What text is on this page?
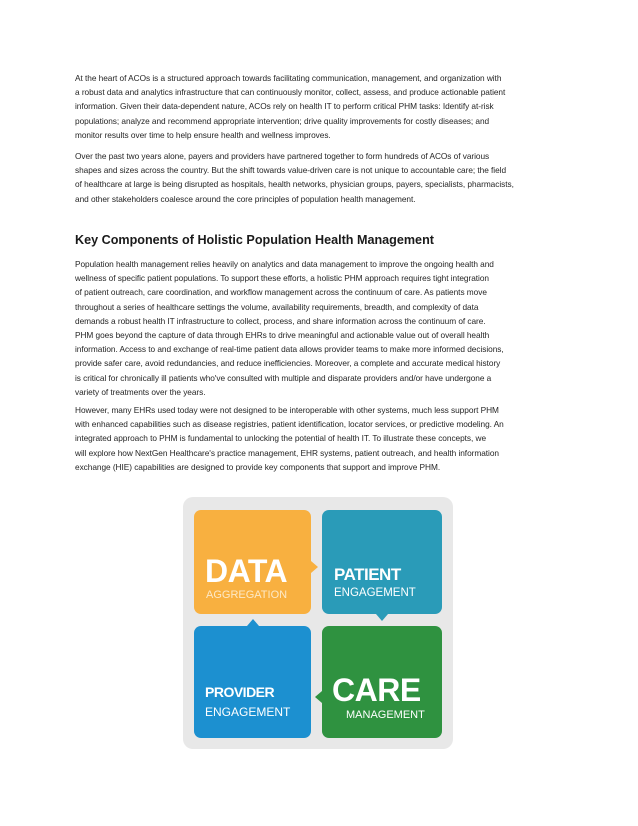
At the heart of ACOs is a structured approach towards facilitating communication, management, and organization with
a robust data and analytics infrastructure that can continuously monitor, collect, assess, and produce actionable patient
information. Given their data-dependent nature, ACOs rely on health IT to perform critical PHM tasks: Identify at-risk
populations; analyze and recommend appropriate intervention; drive quality improvements for costly diseases; and
monitor results over time to help ensure health and wellness improves.

Over the past two years alone, payers and providers have partnered together to form hundreds of ACOs of various
shapes and sizes across the country. But the shift towards value-driven care is not unique to accountable care; the field
of healthcare at large is being disrupted as hospitals, health networks, physician groups, payers, specialists, pharmacists,
and other stakeholders coalesce around the core principles of population health management.

Key Components of Holistic Population Health Management

Population health management relies heavily on analytics and data management to improve the ongoing health and
wellness of specific patient populations. To support these efforts, a holistic PHM approach requires tight integration
of patient outreach, care coordination, and workflow management across the continuum of care. As patients move
throughout a series of healthcare settings the volume, availability requirements, breadth, and complexity of data
demands a robust health IT infrastructure to collect, process, and share information across the continuum of care.
PHM goes beyond the capture of data through EHRs to drive meaningful and actionable value out of overall health
information. Access to and exchange of real-time patient data allows provider teams to make more informed decisions,
provide safer care, avoid redundancies, and reduce inefficiencies. Moreover, a complete and accurate medical history
is critical for chronically ill patients who've consulted with multiple and disparate providers and/or have undergone a
variety of treatments over the years.

However, many EHRs used today were not designed to be interoperable with other systems, much less support PHM
with enhanced capabilities such as disease registries, patient identification, locator services, or predictive modeling. An
integrated approach to PHM is fundamental to unlocking the potential of health IT. To illustrate these concepts, we
will explore how NextGen Healthcare's practice management, EHR systems, patient outreach, and health information
exchange (HIE) capabilities are designed to provide key components that support and improve PHM.

DATA
AGGREGATION
PATIENT
ENGAGEMENT
PROVIDER
ENGAGEMENT
CARE
MANAGEMENT
